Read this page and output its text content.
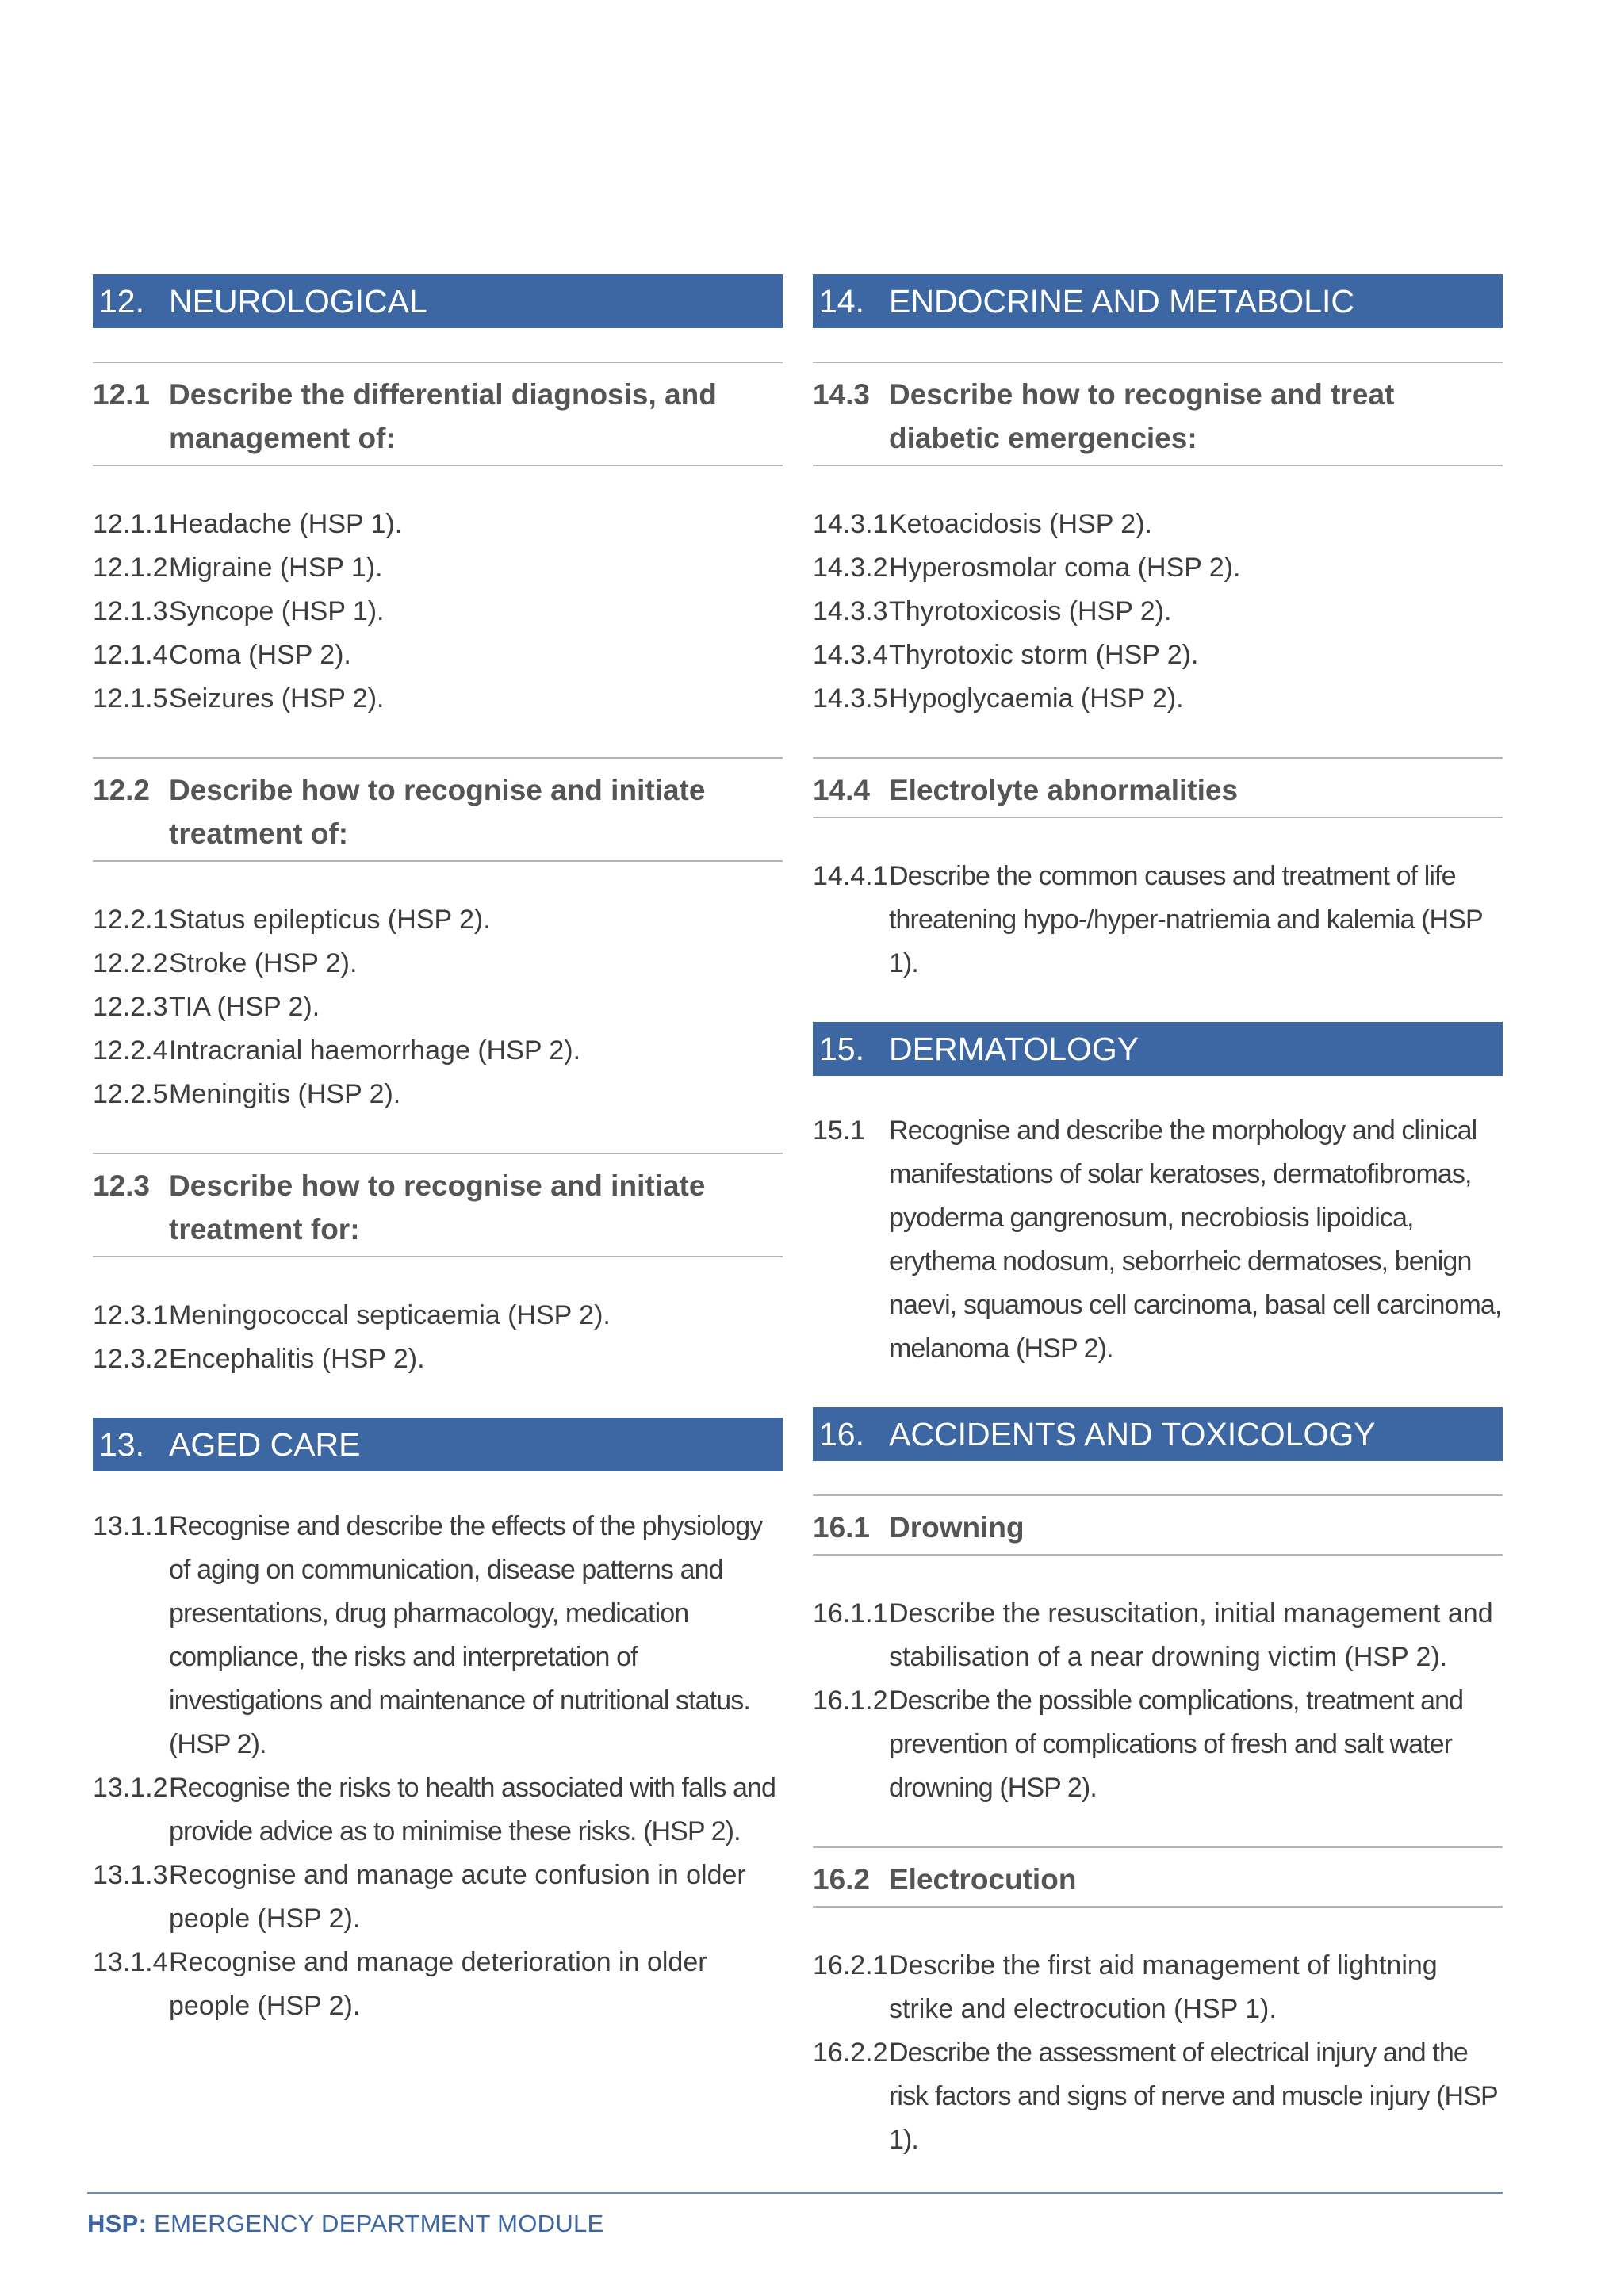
12. NEUROLOGICAL
12.1 Describe the differential diagnosis, and management of:
12.1.1 Headache (HSP 1).
12.1.2 Migraine (HSP 1).
12.1.3 Syncope (HSP 1).
12.1.4 Coma (HSP 2).
12.1.5 Seizures (HSP 2).
12.2 Describe how to recognise and initiate treatment of:
12.2.1 Status epilepticus (HSP 2).
12.2.2 Stroke (HSP 2).
12.2.3 TIA (HSP 2).
12.2.4 Intracranial haemorrhage (HSP 2).
12.2.5 Meningitis (HSP 2).
12.3 Describe how to recognise and initiate treatment for:
12.3.1 Meningococcal septicaemia (HSP 2).
12.3.2 Encephalitis (HSP 2).
13. AGED CARE
13.1.1 Recognise and describe the effects of the physiology of aging on communication, disease patterns and presentations, drug pharmacology, medication compliance, the risks and interpretation of investigations and maintenance of nutritional status. (HSP 2).
13.1.2 Recognise the risks to health associated with falls and provide advice as to minimise these risks. (HSP 2).
13.1.3 Recognise and manage acute confusion in older people (HSP 2).
13.1.4 Recognise and manage deterioration in older people (HSP 2).
14. ENDOCRINE AND METABOLIC
14.3 Describe how to recognise and treat diabetic emergencies:
14.3.1 Ketoacidosis (HSP 2).
14.3.2 Hyperosmolar coma (HSP 2).
14.3.3 Thyrotoxicosis (HSP 2).
14.3.4 Thyrotoxic storm (HSP 2).
14.3.5 Hypoglycaemia (HSP 2).
14.4 Electrolyte abnormalities
14.4.1 Describe the common causes and treatment of life threatening hypo-/hyper-natriemia and kalemia (HSP 1).
15. DERMATOLOGY
15.1 Recognise and describe the morphology and clinical manifestations of solar keratoses, dermatofibromas, pyoderma gangrenosum, necrobiosis lipoidica, erythema nodosum, seborrheic dermatoses, benign naevi, squamous cell carcinoma, basal cell carcinoma, melanoma (HSP 2).
16. ACCIDENTS AND TOXICOLOGY
16.1 Drowning
16.1.1 Describe the resuscitation, initial management and stabilisation of a near drowning victim (HSP 2).
16.1.2 Describe the possible complications, treatment and prevention of complications of fresh and salt water drowning (HSP 2).
16.2 Electrocution
16.2.1 Describe the first aid management of lightning strike and electrocution (HSP 1).
16.2.2 Describe the assessment of electrical injury and the risk factors and signs of nerve and muscle injury (HSP 1).
HSP: EMERGENCY DEPARTMENT MODULE
